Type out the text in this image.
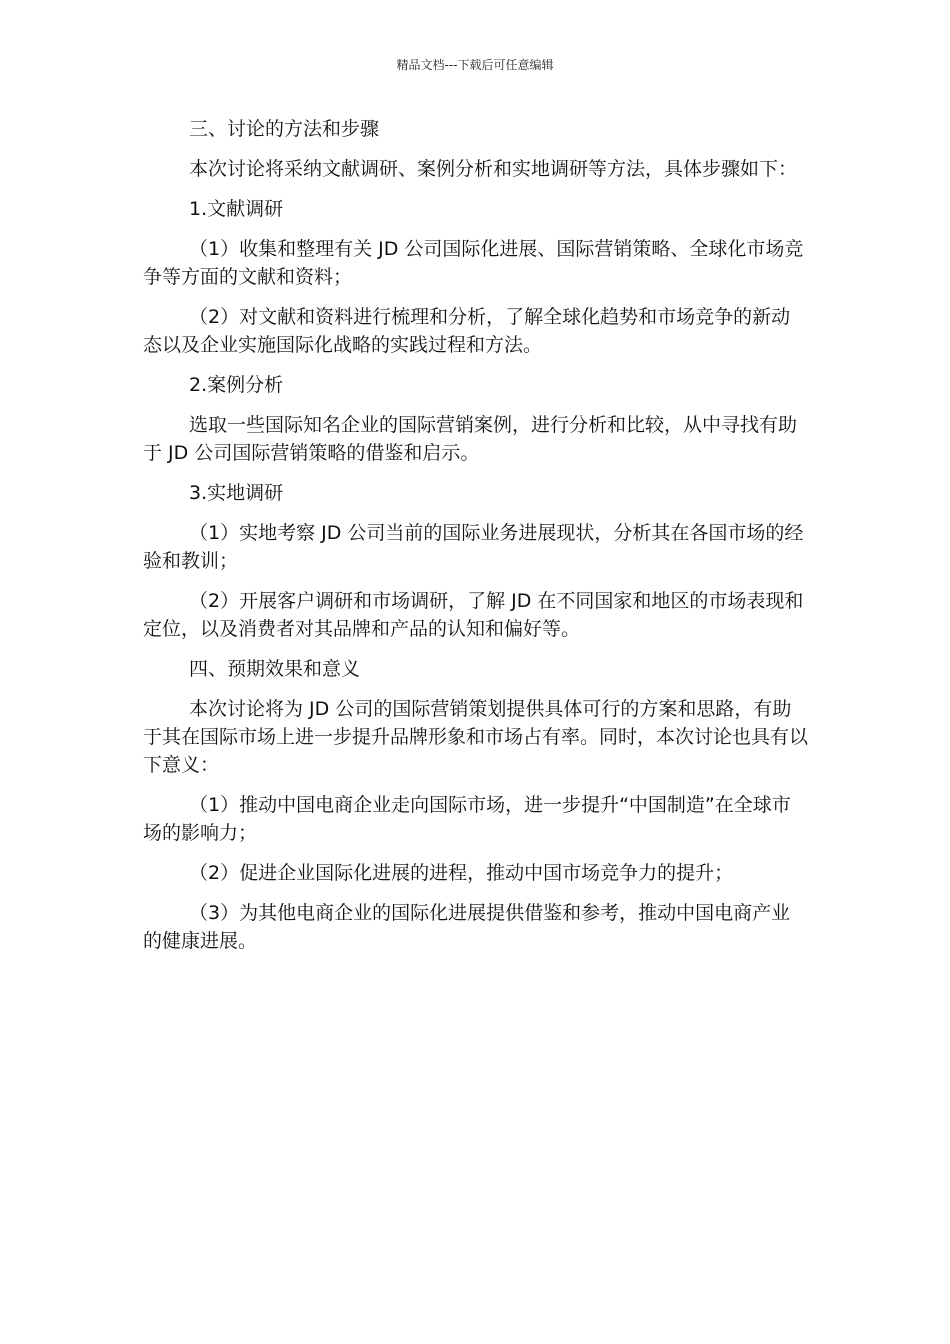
精品文档---下载后可任意编辑

三、讨论的方法和步骤

本次讨论将采纳文献调研、案例分析和实地调研等方法，具体步骤如下：

1.文献调研

（1）收集和整理有关 JD 公司国际化进展、国际营销策略、全球化市场竞争等方面的文献和资料；

（2）对文献和资料进行梳理和分析，了解全球化趋势和市场竞争的新动态以及企业实施国际化战略的实践过程和方法。

2.案例分析

选取一些国际知名企业的国际营销案例，进行分析和比较，从中寻找有助于 JD 公司国际营销策略的借鉴和启示。

3.实地调研

（1）实地考察 JD 公司当前的国际业务进展现状，分析其在各国市场的经验和教训；

（2）开展客户调研和市场调研，了解 JD 在不同国家和地区的市场表现和定位，以及消费者对其品牌和产品的认知和偏好等。

四、预期效果和意义

本次讨论将为 JD 公司的国际营销策划提供具体可行的方案和思路，有助于其在国际市场上进一步提升品牌形象和市场占有率。同时，本次讨论也具有以下意义：

（1）推动中国电商企业走向国际市场，进一步提升“中国制造”在全球市场的影响力；

（2）促进企业国际化进展的进程，推动中国市场竞争力的提升；

（3）为其他电商企业的国际化进展提供借鉴和参考，推动中国电商产业的健康进展。
